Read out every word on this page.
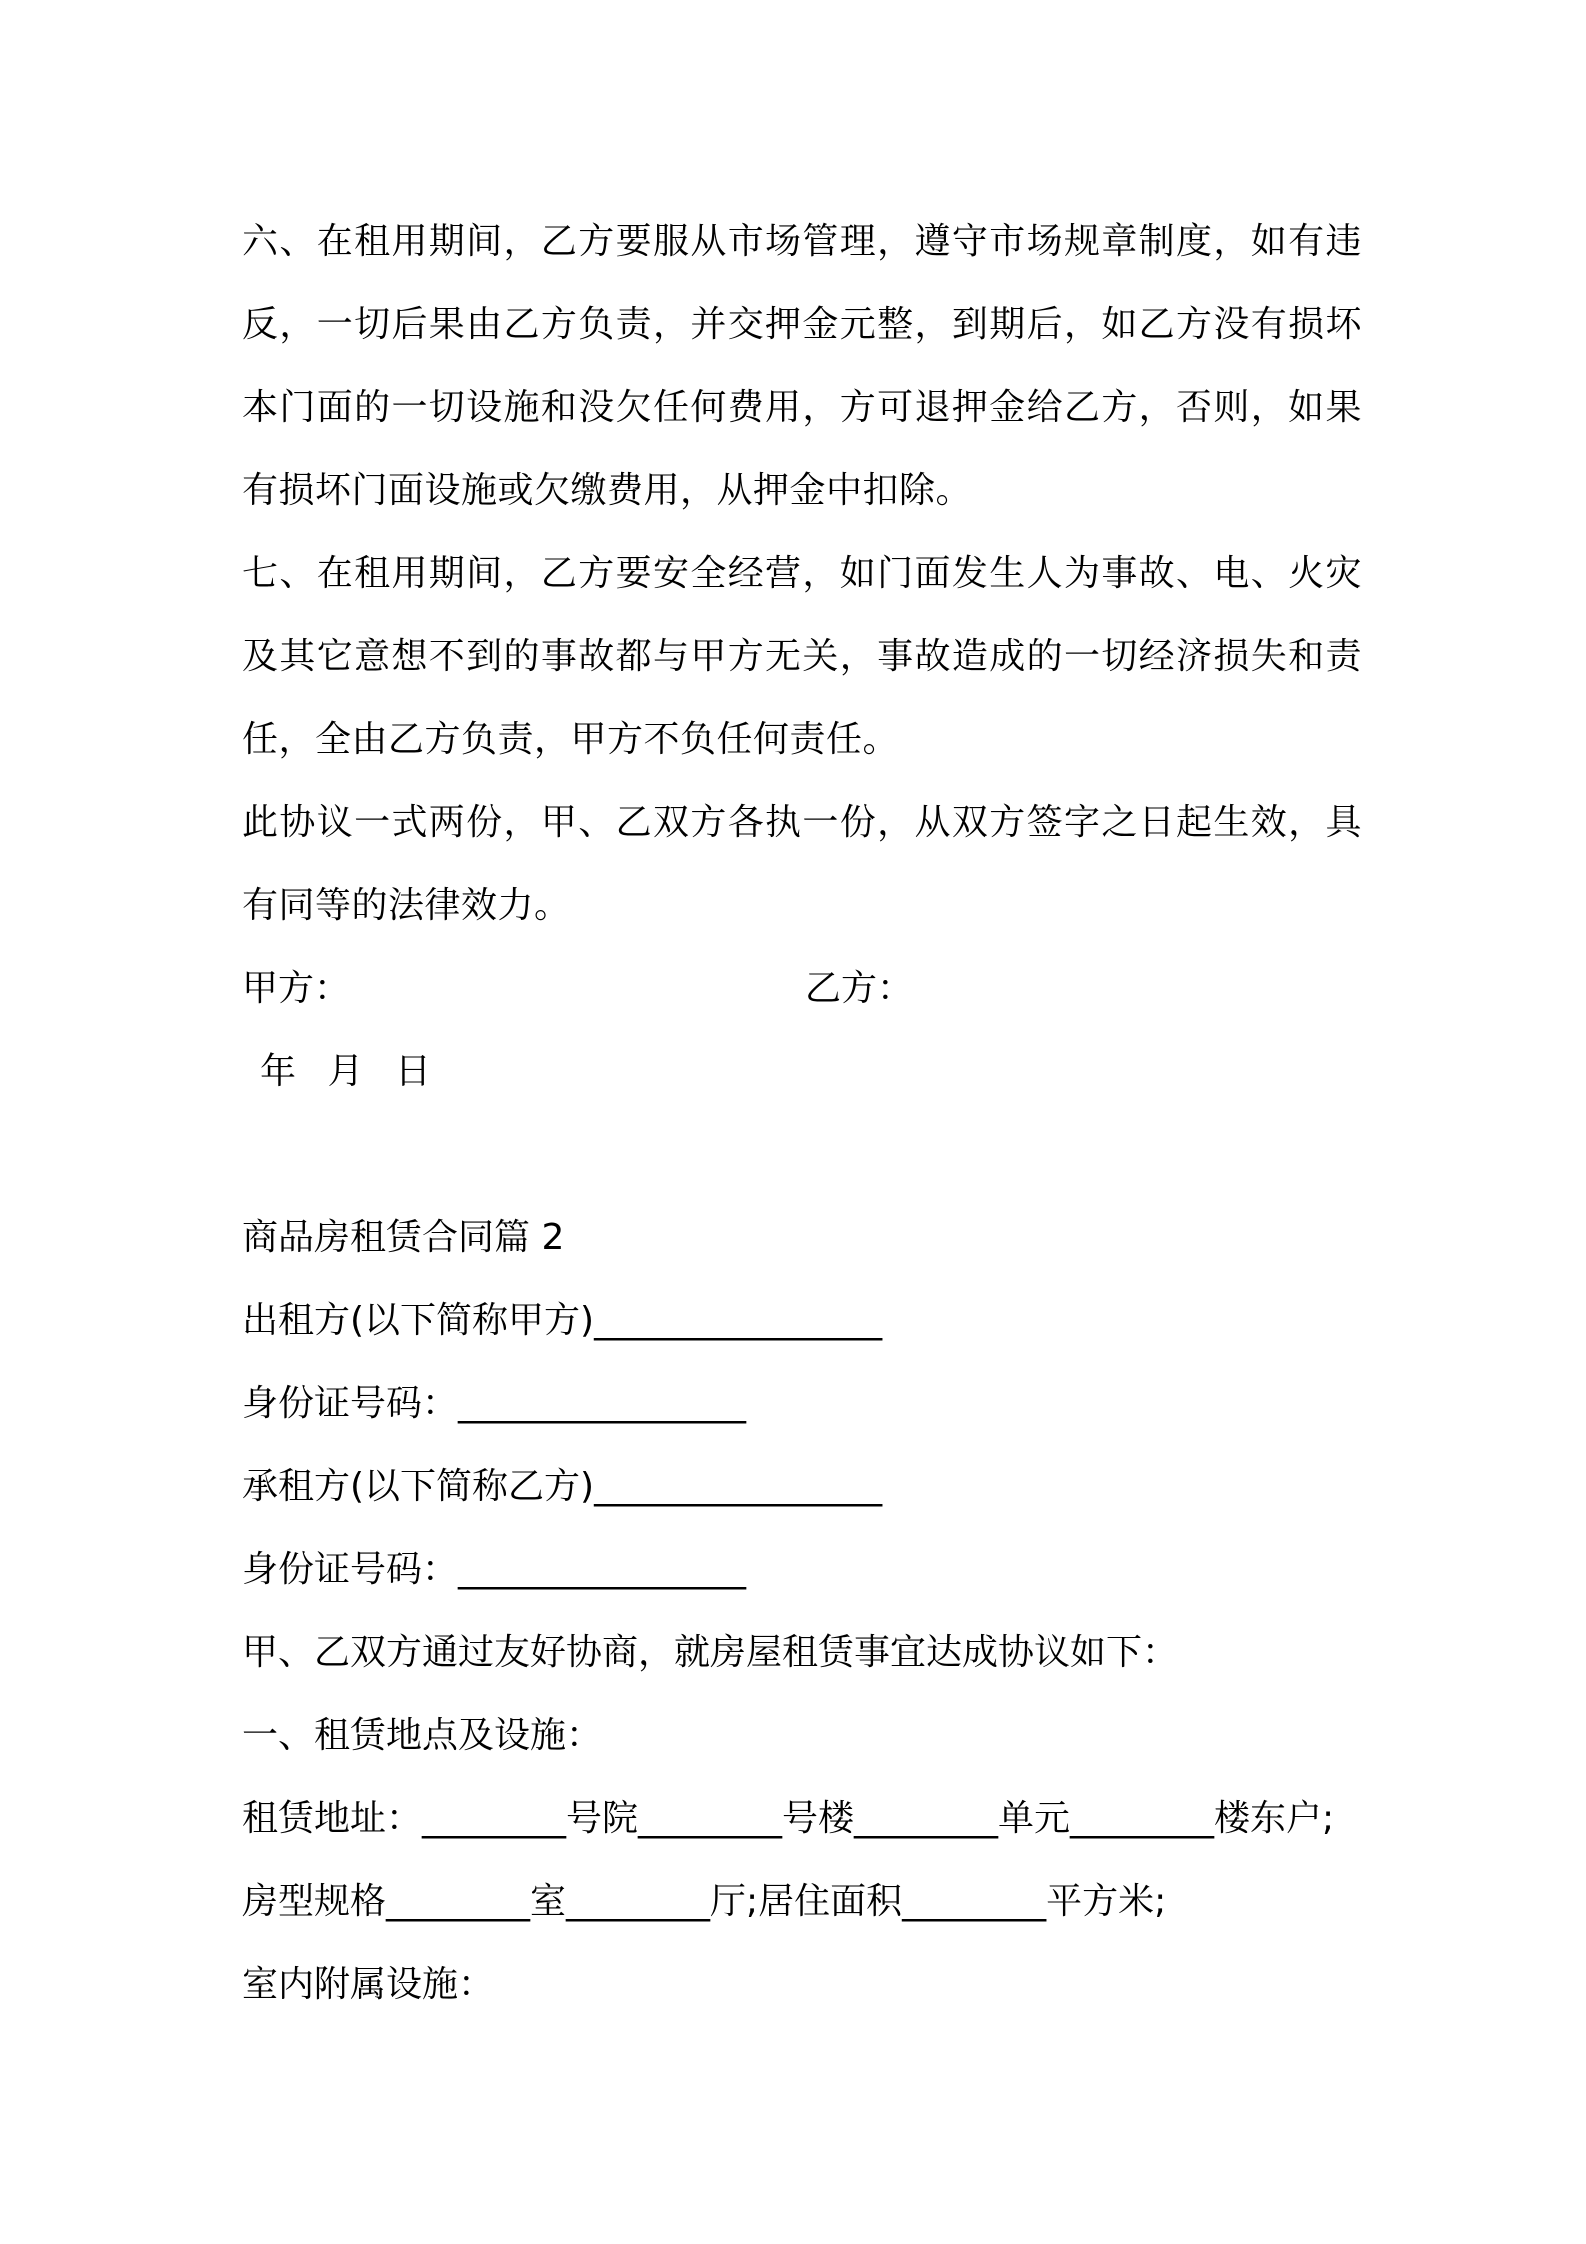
六、在租用期间，乙方要服从市场管理，遵守市场规章制度，如有违反，一切后果由乙方负责，并交押金元整，到期后，如乙方没有损坏本门面的一切设施和没欠任何费用，方可退押金给乙方，否则，如果有损坏门面设施或欠缴费用，从押金中扣除。

七、在租用期间，乙方要安全经营，如门面发生人为事故、电、火灾及其它意想不到的事故都与甲方无关，事故造成的一切经济损失和责任，全由乙方负责，甲方不负任何责任。

此协议一式两份，甲、乙双方各执一份，从双方签字之日起生效，具有同等的法律效力。

甲方：	乙方：
年 月 日

商品房租赁合同篇 2

出租方(以下简称甲方)________________

身份证号码：________________

承租方(以下简称乙方)________________

身份证号码：________________

甲、乙双方通过友好协商，就房屋租赁事宜达成协议如下：

一、租赁地点及设施：

租赁地址：________号院________号楼________单元________楼东户;

房型规格________室________厅;居住面积________平方米;

室内附属设施：
